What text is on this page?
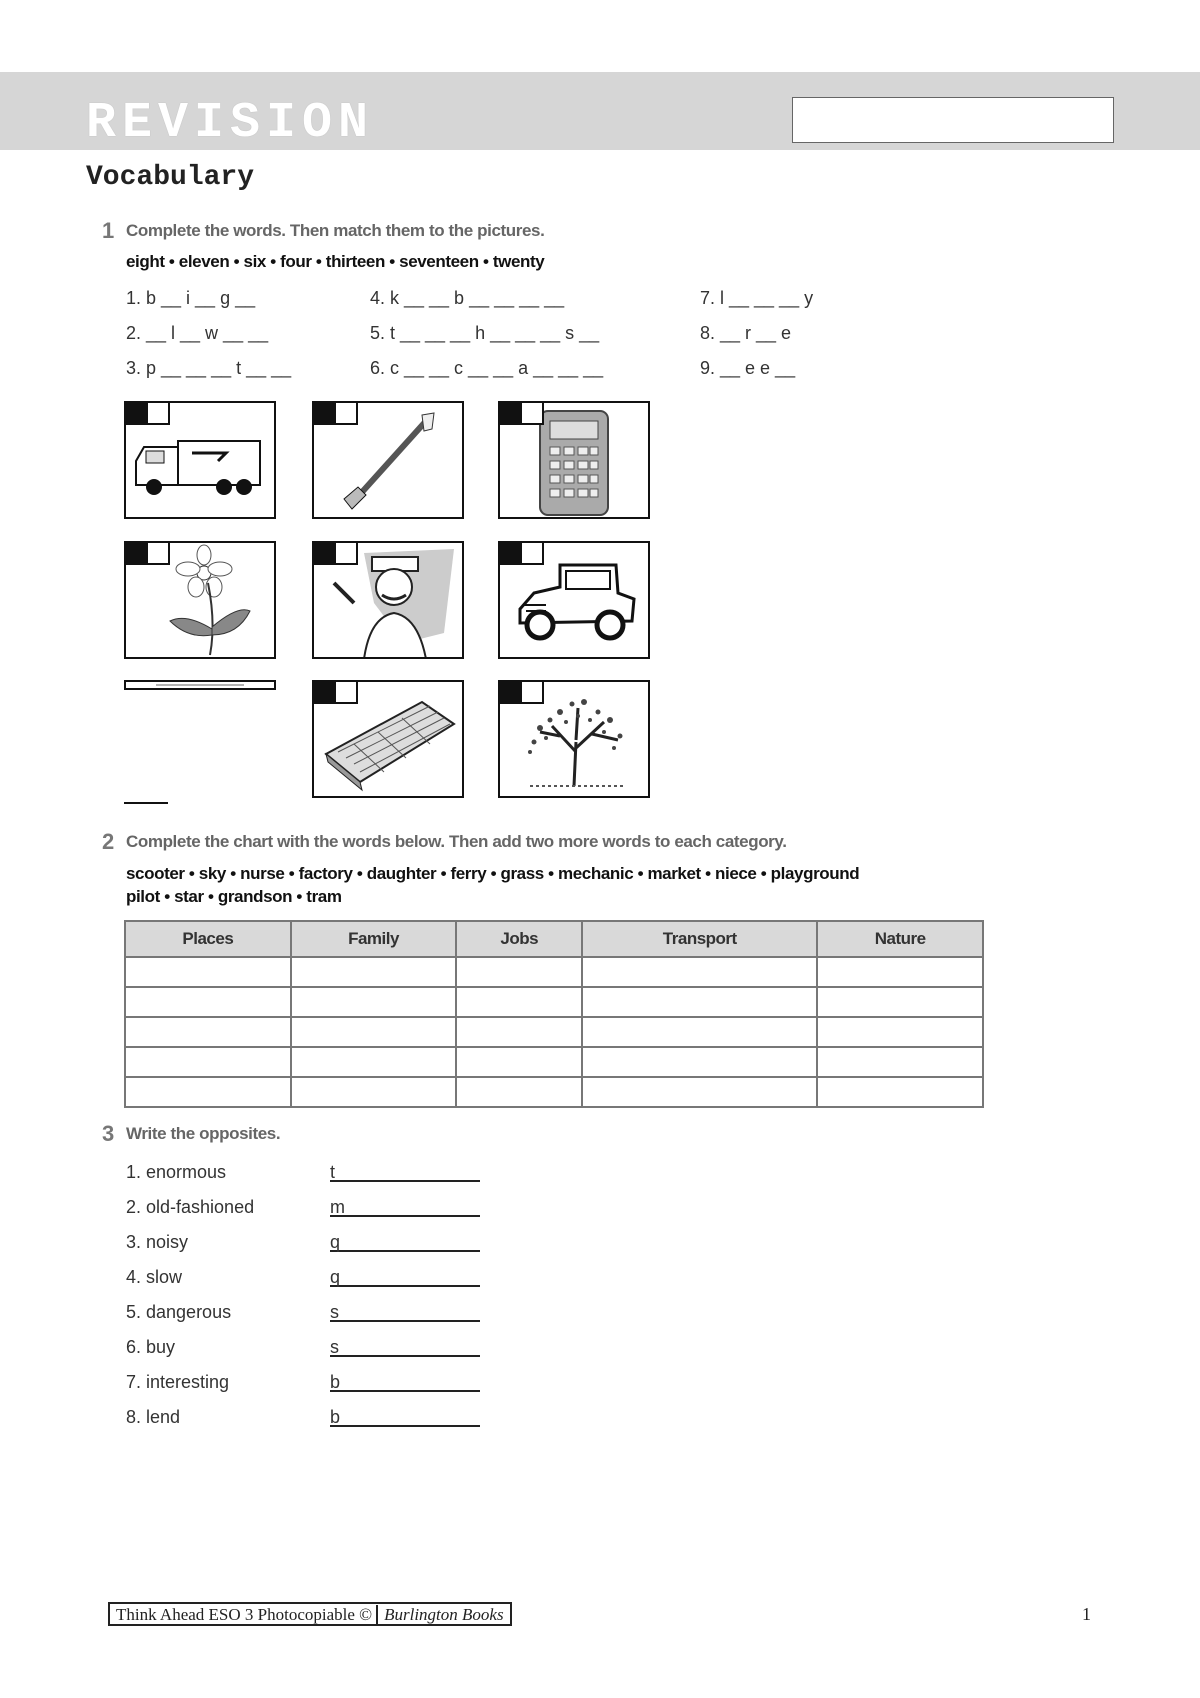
REVISION
Vocabulary
1 Complete the words. Then match them to the pictures.
eight • eleven • six • four • thirteen • seventeen • twenty
1. b __ i __ g __
2. __ l __ w __ __
3. p __ __ __ t __ __
4. k __ __ b __ __ __ __
5. t __ __ __ h __ __ __ s __
6. c __ __ c __ __ a __ __ __
7. l __ __ __ y
8. __ r __ e
9. __ e e __
2 Complete the chart with the words below. Then add two more words to each category.
scooter • sky • nurse • factory • daughter • ferry • grass • mechanic • market • niece • playground
pilot • star • grandson • tram
Places	Family	Jobs	Transport	Nature

3 Write the opposites.
1. enormous	t
2. old-fashioned	m
3. noisy	q
4. slow	q
5. dangerous	s
6. buy	s
7. interesting	b
8. lend	b
Think Ahead ESO 3 Photocopiable © Burlington Books	1
